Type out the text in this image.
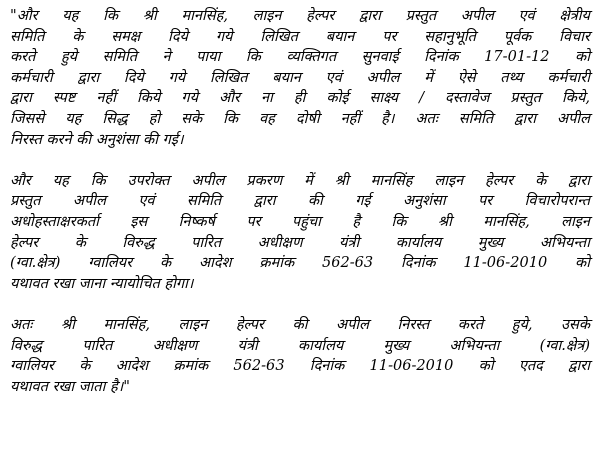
"और यह कि श्री मानसिंह, लाइन हेल्पर द्वारा प्रस्तुत अपील एवं क्षेत्रीय
समिति के समक्ष दिये गये लिखित बयान पर सहानुभूति पूर्वक विचार
करते हुये समिति ने पाया कि व्यक्तिगत सुनवाई दिनांक 17-01-12 को
कर्मचारी द्वारा दिये गये लिखित बयान एवं अपील में ऐसे तथ्य कर्मचारी
द्वारा स्पष्ट नहीं किये गये और ना ही कोई साक्ष्य / दस्तावेज प्रस्तुत किये,
जिससे यह सिद्ध हो सके कि वह दोषी नहीं है। अतः समिति द्वारा अपील
निरस्त करने की अनुशंसा की गई।

और यह कि उपरोक्त अपील प्रकरण में श्री मानसिंह लाइन हेल्पर के द्वारा
प्रस्तुत अपील एवं समिति द्वारा की गई अनुशंसा पर विचारोपरान्त
अधोहस्ताक्षरकर्ता इस निष्कर्ष पर पहुंचा है कि श्री मानसिंह, लाइन
हेल्पर के विरुद्ध पारित अधीक्षण यंत्री कार्यालय मुख्य अभियन्ता
(ग्वा.क्षेत्र) ग्वालियर के आदेश क्रमांक 562-63 दिनांक 11-06-2010 को
यथावत रखा जाना न्यायोचित होगा।

अतः श्री मानसिंह, लाइन हेल्पर की अपील निरस्त करते हुये, उसके
विरुद्ध पारित अधीक्षण यंत्री कार्यालय मुख्य अभियन्ता (ग्वा.क्षेत्र)
ग्वालियर के आदेश क्रमांक 562-63 दिनांक 11-06-2010 को एतद द्वारा
यथावत रखा जाता है।"
